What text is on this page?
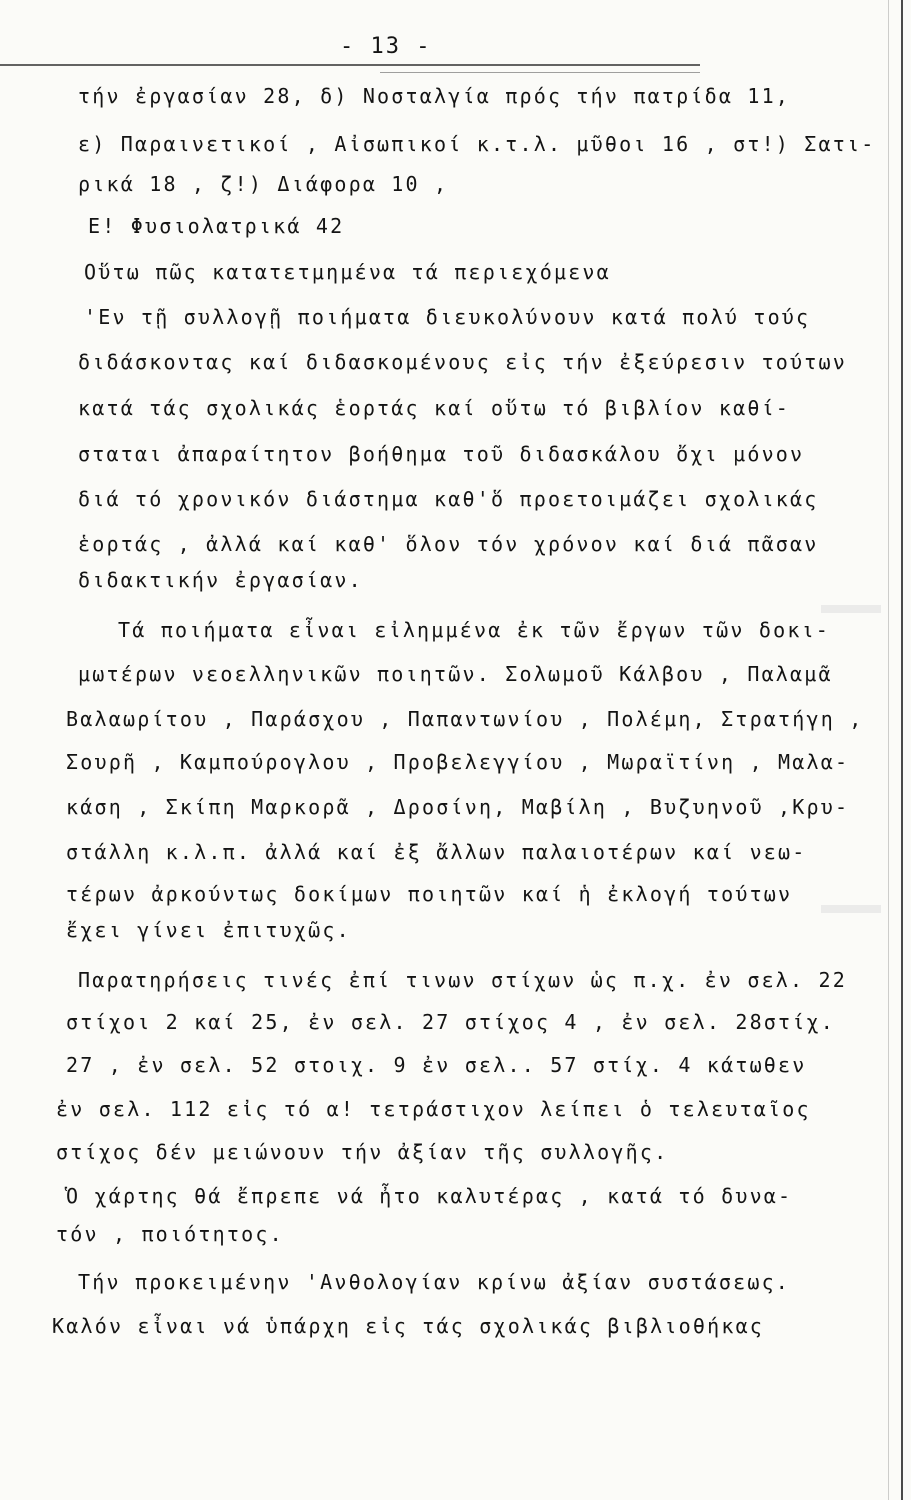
- 13 -
τήν ἐργασίαν 28, δ) Νοσταλγία πρός τήν πατρίδα 11,
ε) Παραινετικοί , Αἰσωπικοί κ.τ.λ. μῦθοι 16 , στ!) Σατι-
ρικά 18 , ζ!) Διάφορα 10 ,
Ε! Φυσιολατρικά 42
Οὕτω πῶς κατατετμημένα τά περιεχόμενα
'Εν τῇ συλλογῇ ποιήματα διευκολύνουν κατά πολύ τούς
διδάσκοντας καί διδασκομένους εἰς τήν ἐξεύρεσιν τούτων
κατά τάς σχολικάς ἑορτάς καί οὕτω τό βιβλίον καθί-
σταται ἀπαραίτητον βοήθημα τοῦ διδασκάλου ὄχι μόνον
διά τό χρονικόν διάστημα καθ'ὅ προετοιμάζει σχολικάς
ἑορτάς , ἀλλά καί καθ' ὅλον τόν χρόνον καί διά πᾶσαν
διδακτικήν ἐργασίαν.
Τά ποιήματα εἶναι εἰλημμένα ἐκ τῶν ἔργων τῶν δοκι-
μωτέρων νεοελληνικῶν ποιητῶν. Σολωμοῦ Κάλβου , Παλαμᾶ
Βαλαωρίτου , Παράσχου , Παπαντωνίου , Πολέμη, Στρατήγη ,
Σουρῆ , Καμπούρογλου , Προβελεγγίου , Μωραϊτίνη , Μαλα-
κάση , Σκίπη Μαρκορᾶ , Δροσίνη, Μαβίλη , Βυζυηνοῦ ,Κρυ-
στάλλη κ.λ.π. ἀλλά καί ἐξ ἄλλων παλαιοτέρων καί νεω-
τέρων ἀρκούντως δοκίμων ποιητῶν καί ἡ ἐκλογή τούτων
ἔχει γίνει ἐπιτυχῶς.
Παρατηρήσεις τινές ἐπί τινων στίχων ὡς π.χ. ἐν σελ. 22
στίχοι 2 καί 25, ἐν σελ. 27 στίχος 4 , ἐν σελ. 28στίχ.
27 , ἐν σελ. 52 στοιχ. 9 ἐν σελ.. 57 στίχ. 4 κάτωθεν
ἐν σελ. 112 εἰς τό α! τετράστιχον λείπει ὁ τελευταῖος
στίχος δέν μειώνουν τήν ἀξίαν τῆς συλλογῆς.
Ὁ χάρτης θά ἔπρεπε νά ἦτο καλυτέρας , κατά τό δυνα-
τόν , ποιότητος.
Τήν προκειμένην 'Ανθολογίαν κρίνω ἀξίαν συστάσεως.
Καλόν εἶναι νά ὑπάρχη εἰς τάς σχολικάς βιβλιοθήκας
